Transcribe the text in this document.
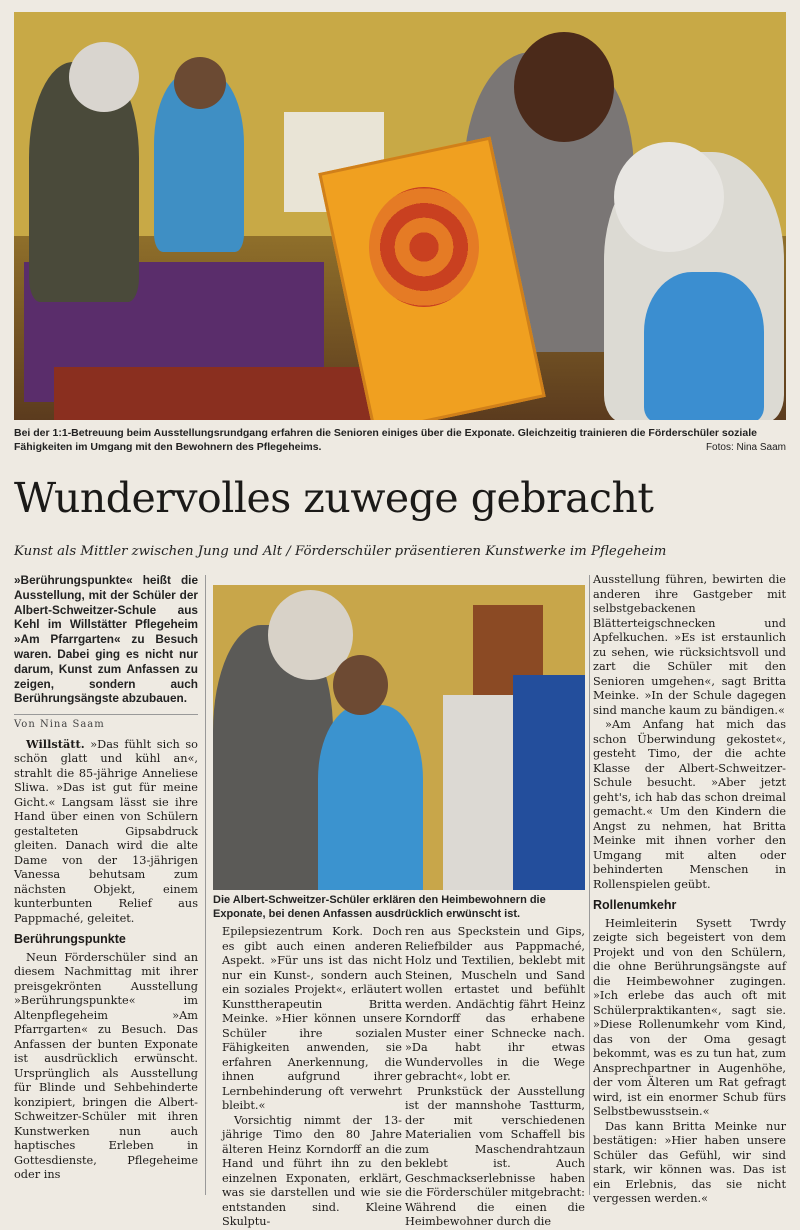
Bei der 1:1-Betreuung beim Ausstellungsrundgang erfahren die Senioren einiges über die Exponate. Gleichzeitig trainieren die Förderschüler soziale Fähigkeiten im Umgang mit den Bewohnern des Pflegeheims.	Fotos: Nina Saam
Wundervolles zuwege gebracht
Kunst als Mittler zwischen Jung und Alt / Förderschüler präsentieren Kunstwerke im Pflegeheim

»Berührungspunkte« heißt die Ausstellung, mit der Schüler der Albert-Schweitzer-Schule aus Kehl im Willstätter Pflegeheim »Am Pfarrgarten« zu Besuch waren. Dabei ging es nicht nur darum, Kunst zum Anfassen zu zeigen, sondern auch Berührungsängste abzubauen.

Von Nina Saam

Willstätt. »Das fühlt sich so schön glatt und kühl an«, strahlt die 85-jährige Anneliese Sliwa. »Das ist gut für meine Gicht.« Langsam lässt sie ihre Hand über einen von Schülern gestalteten Gipsabdruck gleiten. Danach wird die alte Dame von der 13-jährigen Vanessa behutsam zum nächsten Objekt, einem kunterbunten Relief aus Pappmaché, geleitet.

Berührungspunkte

Neun Förderschüler sind an diesem Nachmittag mit ihrer preisgekrönten Ausstellung »Berührungspunkte« im Altenpflegeheim »Am Pfarrgarten« zu Besuch. Das Anfassen der bunten Exponate ist ausdrücklich erwünscht. Ursprünglich als Ausstellung für Blinde und Sehbehinderte konzipiert, bringen die Albert-Schweitzer-Schüler mit ihren Kunstwerken nun auch haptisches Erleben in Gottesdienste, Pflegeheime oder ins

Die Albert-Schweitzer-Schüler erklären den Heimbewohnern die Exponate, bei denen Anfassen ausdrücklich erwünscht ist.

Epilepsiezentrum Kork. Doch es gibt auch einen anderen Aspekt. »Für uns ist das nicht nur ein Kunst-, sondern auch ein soziales Projekt«, erläutert Kunsttherapeutin Britta Meinke. »Hier können unsere Schüler ihre sozialen Fähigkeiten anwenden, sie erfahren Anerkennung, die ihnen aufgrund ihrer Lernbehinderung oft verwehrt bleibt.«

Vorsichtig nimmt der 13-jährige Timo den 80 Jahre älteren Heinz Korndorff an die Hand und führt ihn zu den einzelnen Exponaten, erklärt, was sie darstellen und wie sie entstanden sind. Kleine Skulptu-

ren aus Speckstein und Gips, Reliefbilder aus Pappmaché, Holz und Textilien, beklebt mit Steinen, Muscheln und Sand wollen ertastet und befühlt werden. Andächtig fährt Heinz Korndorff das erhabene Muster einer Schnecke nach. »Da habt ihr etwas Wundervolles in die Wege gebracht«, lobt er.

Prunkstück der Ausstellung ist der mannshohe Tastturm, der mit verschiedenen Materialien vom Schaffell bis zum Maschendrahtzaun beklebt ist. Auch Geschmackserlebnisse haben die Förderschüler mitgebracht: Während die einen die Heimbewohner durch die

Ausstellung führen, bewirten die anderen ihre Gastgeber mit selbstgebackenen Blätterteigschnecken und Apfelkuchen. »Es ist erstaunlich zu sehen, wie rücksichtsvoll und zart die Schüler mit den Senioren umgehen«, sagt Britta Meinke. »In der Schule dagegen sind manche kaum zu bändigen.«

»Am Anfang hat mich das schon Überwindung gekostet«, gesteht Timo, der die achte Klasse der Albert-Schweitzer-Schule besucht. »Aber jetzt geht's, ich hab das schon dreimal gemacht.« Um den Kindern die Angst zu nehmen, hat Britta Meinke mit ihnen vorher den Umgang mit alten oder behinderten Menschen in Rollenspielen geübt.

Rollenumkehr

Heimleiterin Sysett Twrdy zeigte sich begeistert von dem Projekt und von den Schülern, die ohne Berührungsängste auf die Heimbewohner zugingen. »Ich erlebe das auch oft mit Schülerpraktikanten«, sagt sie. »Diese Rollenumkehr vom Kind, das von der Oma gesagt bekommt, was es zu tun hat, zum Ansprechpartner in Augenhöhe, der vom Älteren um Rat gefragt wird, ist ein enormer Schub fürs Selbstbewusstsein.«

Das kann Britta Meinke nur bestätigen: »Hier haben unsere Schüler das Gefühl, wir sind stark, wir können was. Das ist ein Erlebnis, das sie nicht vergessen werden.«
